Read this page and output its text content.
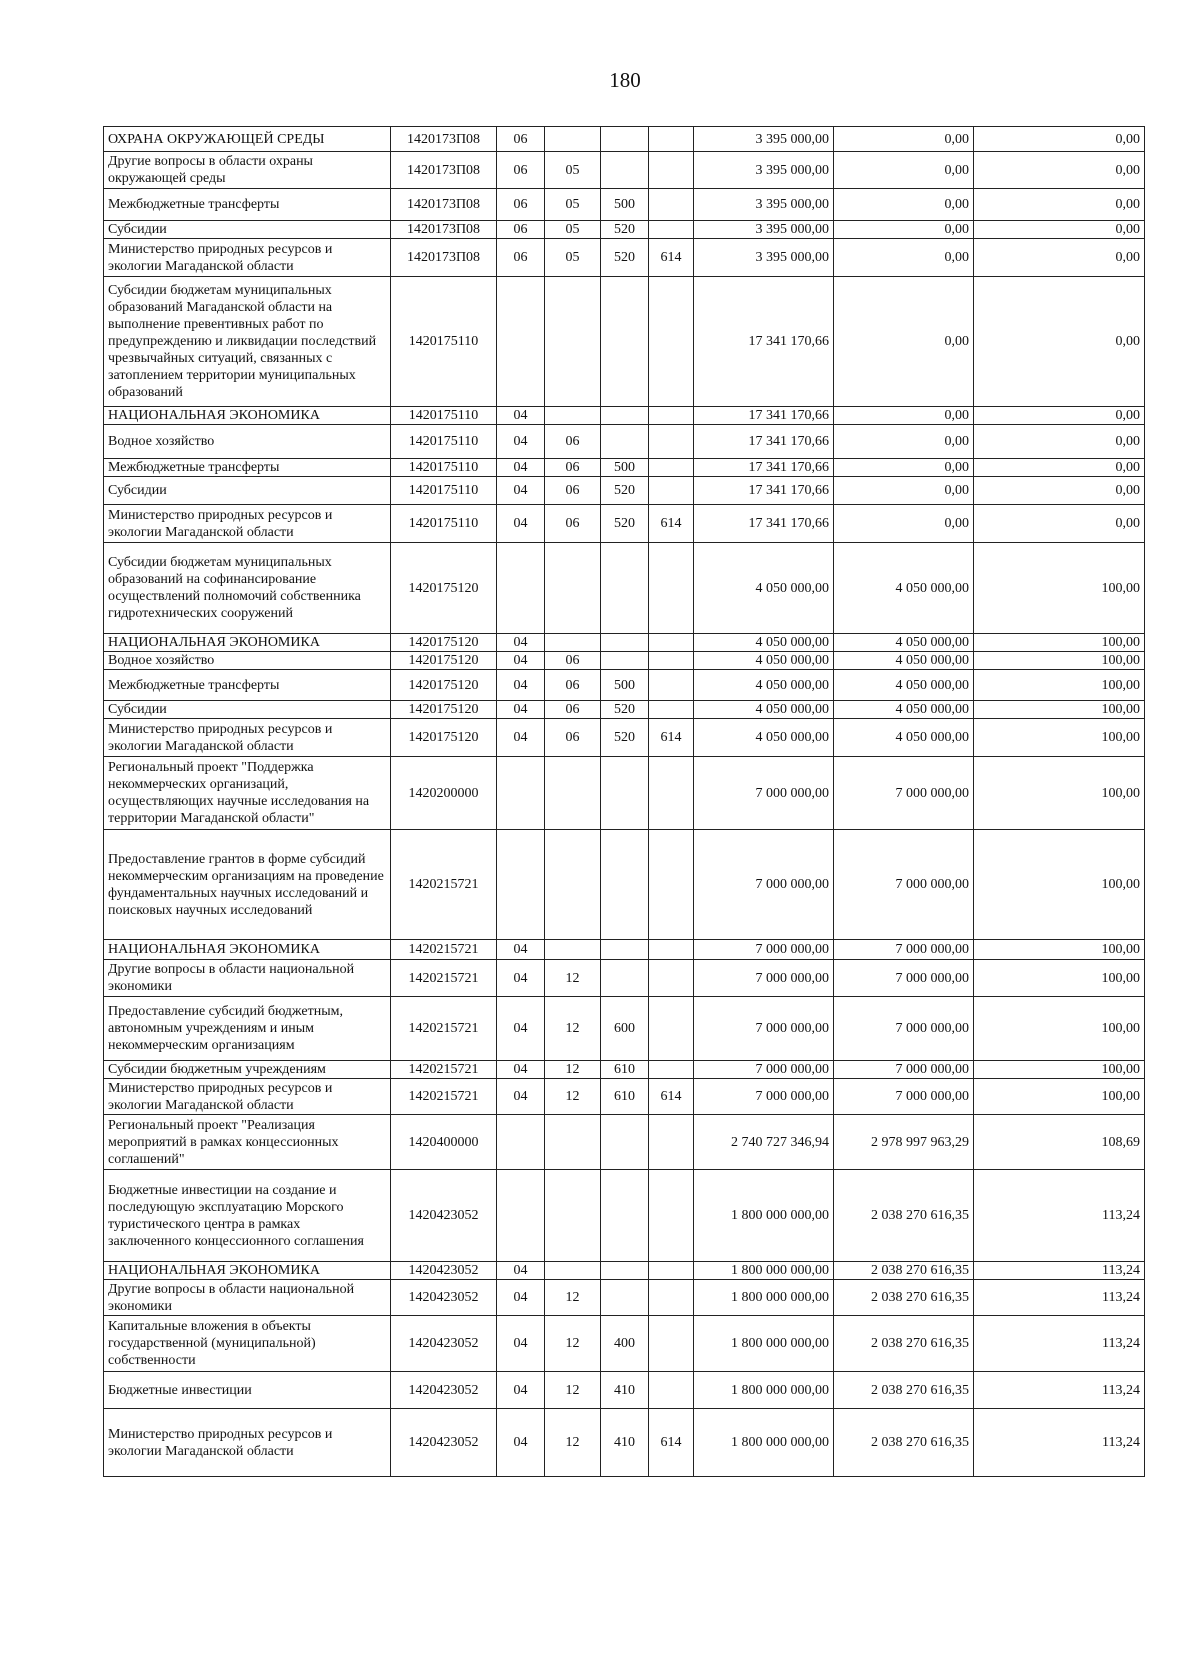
180
ОХРАНА ОКРУЖАЮЩЕЙ СРЕДЫ	1420173П08	06				3 395 000,00	0,00	0,00
Другие вопросы в области охраны окружающей среды	1420173П08	06	05			3 395 000,00	0,00	0,00
Межбюджетные трансферты	1420173П08	06	05	500		3 395 000,00	0,00	0,00
Субсидии	1420173П08	06	05	520		3 395 000,00	0,00	0,00
Министерство природных ресурсов и экологии Магаданской области	1420173П08	06	05	520	614	3 395 000,00	0,00	0,00
Субсидии бюджетам муниципальных образований Магаданской области на выполнение превентивных работ по предупреждению и ликвидации последствий чрезвычайных ситуаций, связанных с затоплением территории муниципальных образований	1420175110					17 341 170,66	0,00	0,00
НАЦИОНАЛЬНАЯ ЭКОНОМИКА	1420175110	04				17 341 170,66	0,00	0,00
Водное хозяйство	1420175110	04	06			17 341 170,66	0,00	0,00
Межбюджетные трансферты	1420175110	04	06	500		17 341 170,66	0,00	0,00
Субсидии	1420175110	04	06	520		17 341 170,66	0,00	0,00
Министерство природных ресурсов и экологии Магаданской области	1420175110	04	06	520	614	17 341 170,66	0,00	0,00
Субсидии бюджетам муниципальных образований на софинансирование осуществлений полномочий собственника гидротехнических сооружений	1420175120					4 050 000,00	4 050 000,00	100,00
НАЦИОНАЛЬНАЯ ЭКОНОМИКА	1420175120	04				4 050 000,00	4 050 000,00	100,00
Водное хозяйство	1420175120	04	06			4 050 000,00	4 050 000,00	100,00
Межбюджетные трансферты	1420175120	04	06	500		4 050 000,00	4 050 000,00	100,00
Субсидии	1420175120	04	06	520		4 050 000,00	4 050 000,00	100,00
Министерство природных ресурсов и экологии Магаданской области	1420175120	04	06	520	614	4 050 000,00	4 050 000,00	100,00
Региональный проект "Поддержка некоммерческих организаций, осуществляющих научные исследования на территории Магаданской области"	1420200000					7 000 000,00	7 000 000,00	100,00
Предоставление грантов в форме субсидий некоммерческим организациям на проведение фундаментальных научных исследований и поисковых научных исследований	1420215721					7 000 000,00	7 000 000,00	100,00
НАЦИОНАЛЬНАЯ ЭКОНОМИКА	1420215721	04				7 000 000,00	7 000 000,00	100,00
Другие вопросы в области национальной экономики	1420215721	04	12			7 000 000,00	7 000 000,00	100,00
Предоставление субсидий бюджетным, автономным учреждениям и иным некоммерческим организациям	1420215721	04	12	600		7 000 000,00	7 000 000,00	100,00
Субсидии бюджетным учреждениям	1420215721	04	12	610		7 000 000,00	7 000 000,00	100,00
Министерство природных ресурсов и экологии Магаданской области	1420215721	04	12	610	614	7 000 000,00	7 000 000,00	100,00
Региональный проект "Реализация мероприятий в рамках концессионных соглашений"	1420400000					2 740 727 346,94	2 978 997 963,29	108,69
Бюджетные инвестиции на создание и последующую эксплуатацию Морского туристического центра в рамках заключенного концессионного соглашения	1420423052					1 800 000 000,00	2 038 270 616,35	113,24
НАЦИОНАЛЬНАЯ ЭКОНОМИКА	1420423052	04				1 800 000 000,00	2 038 270 616,35	113,24
Другие вопросы в области национальной экономики	1420423052	04	12			1 800 000 000,00	2 038 270 616,35	113,24
Капитальные вложения в объекты государственной (муниципальной) собственности	1420423052	04	12	400		1 800 000 000,00	2 038 270 616,35	113,24
Бюджетные инвестиции	1420423052	04	12	410		1 800 000 000,00	2 038 270 616,35	113,24
Министерство природных ресурсов и экологии Магаданской области	1420423052	04	12	410	614	1 800 000 000,00	2 038 270 616,35	113,24
